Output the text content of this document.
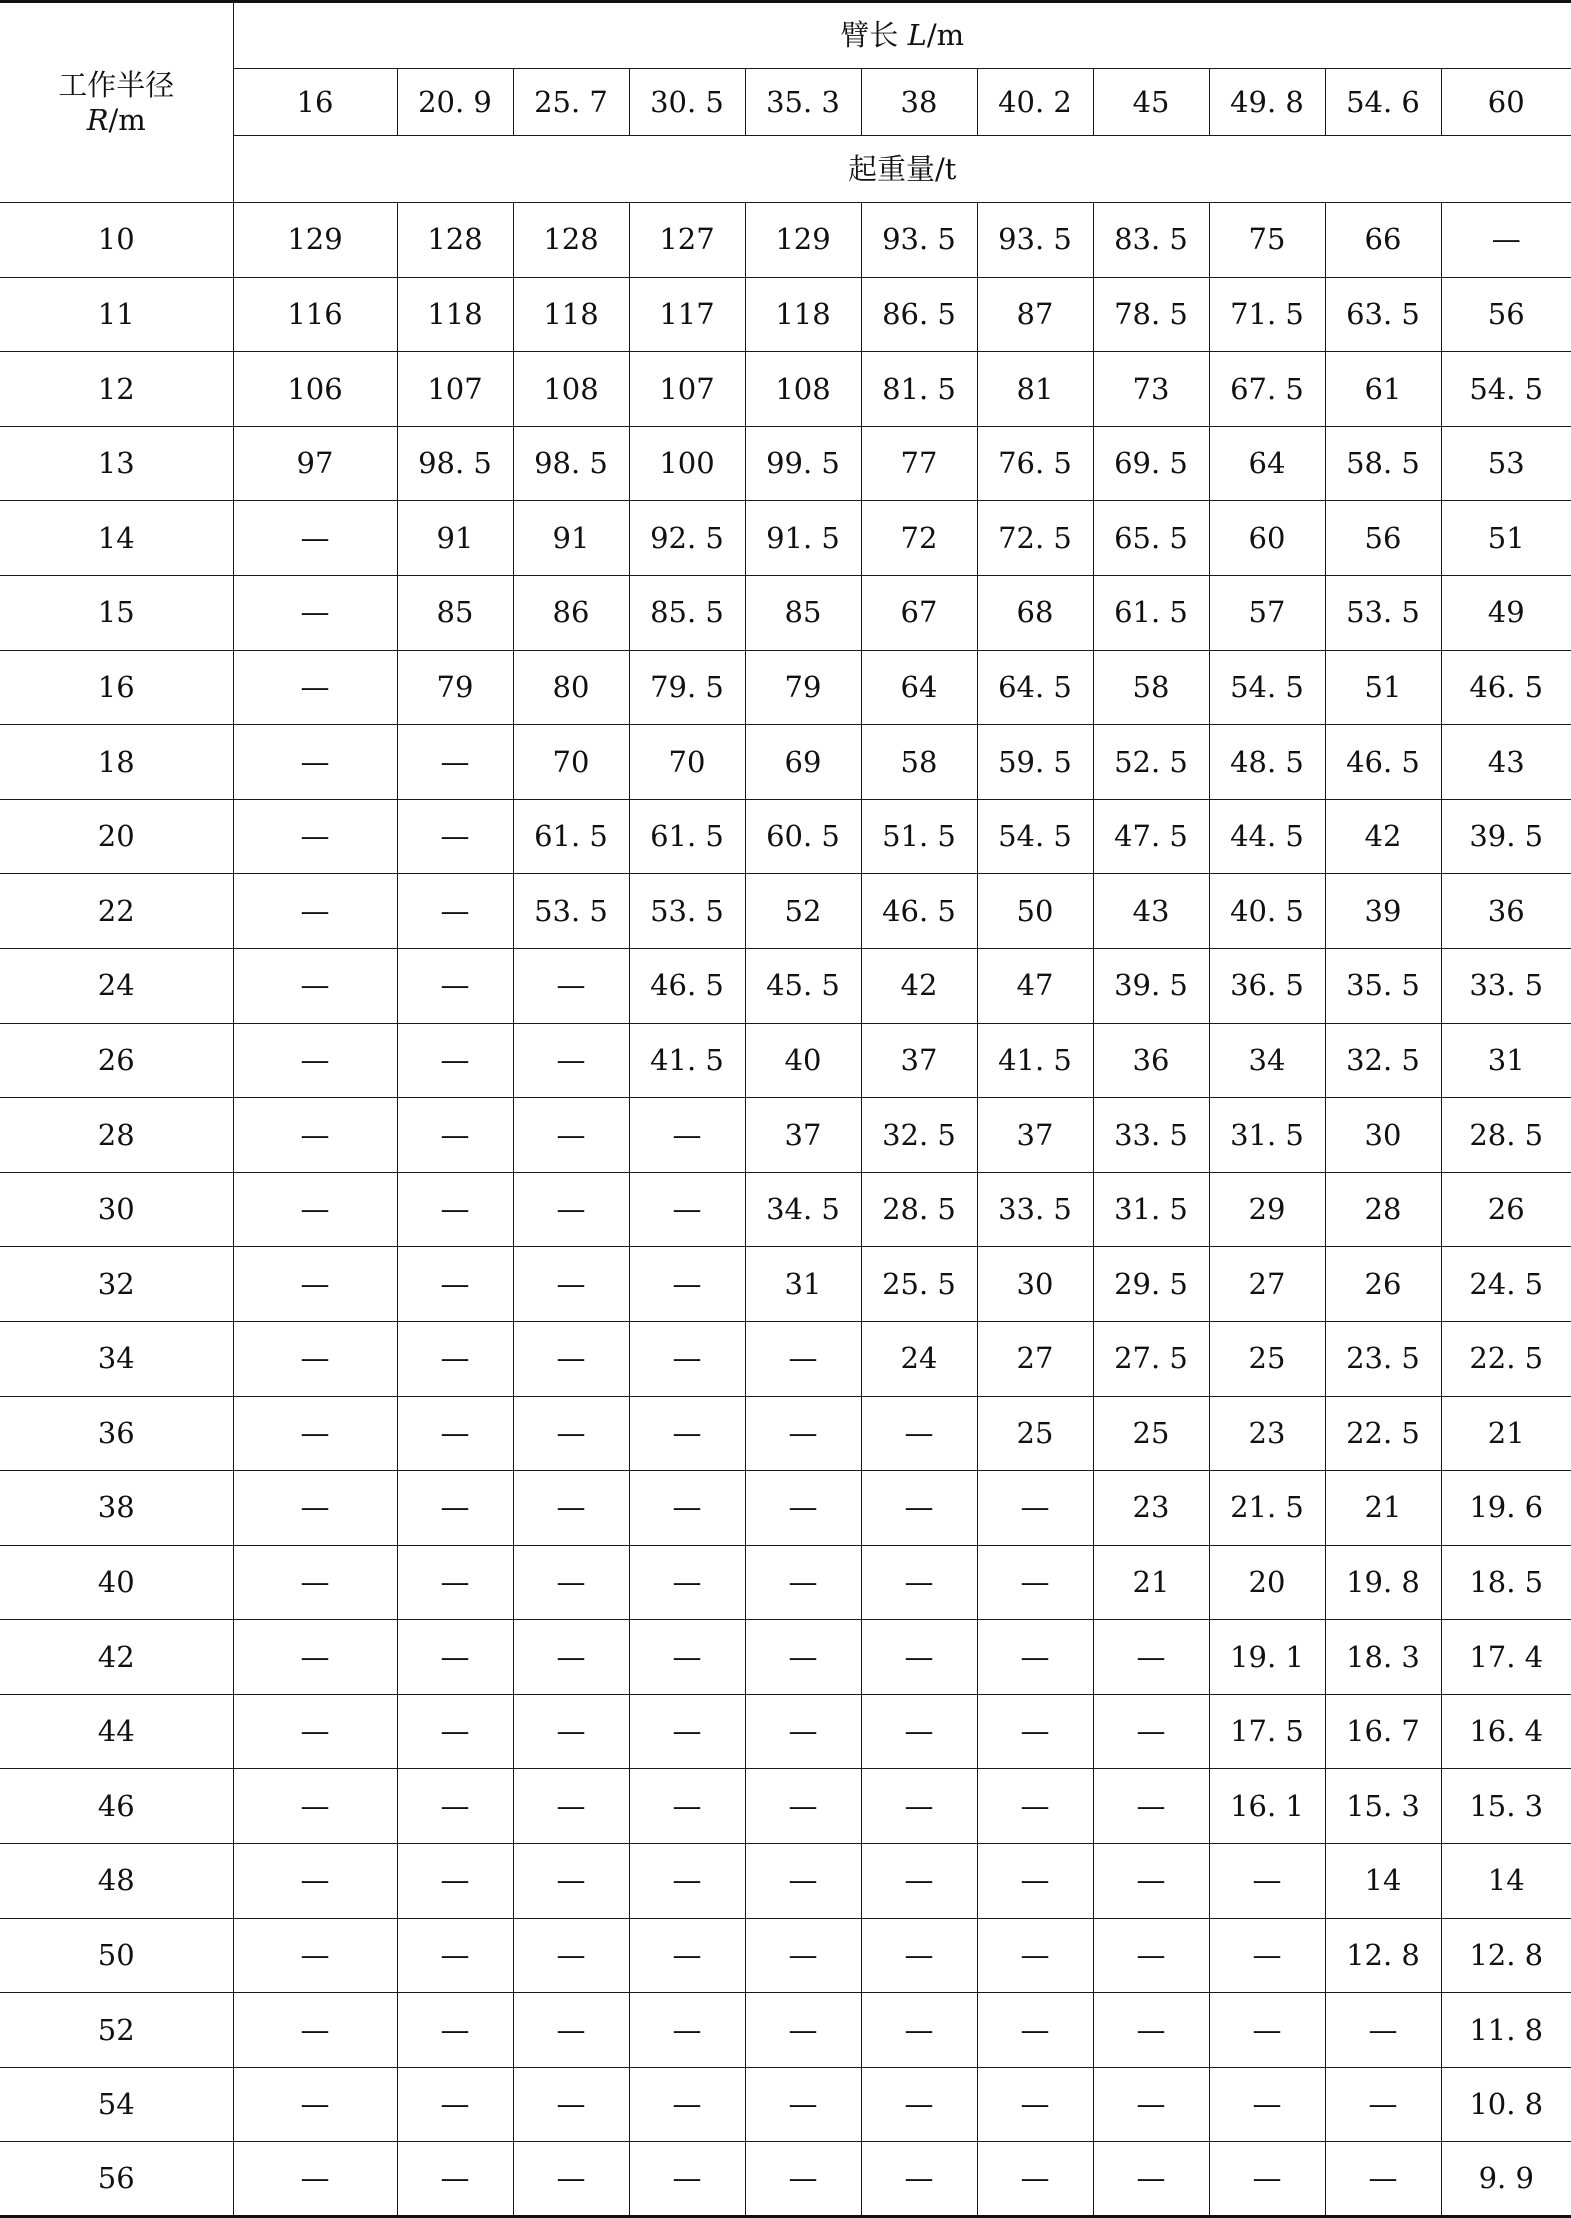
工作半径
R/m	臂长 L/m										
	16	20. 9	25. 7	30. 5	35. 3	38	40. 2	45	49. 8	54. 6	60
	起重量/t										
10	129	128	128	127	129	93. 5	93. 5	83. 5	75	66	—
11	116	118	118	117	118	86. 5	87	78. 5	71. 5	63. 5	56
12	106	107	108	107	108	81. 5	81	73	67. 5	61	54. 5
13	97	98. 5	98. 5	100	99. 5	77	76. 5	69. 5	64	58. 5	53
14	—	91	91	92. 5	91. 5	72	72. 5	65. 5	60	56	51
15	—	85	86	85. 5	85	67	68	61. 5	57	53. 5	49
16	—	79	80	79. 5	79	64	64. 5	58	54. 5	51	46. 5
18	—	—	70	70	69	58	59. 5	52. 5	48. 5	46. 5	43
20	—	—	61. 5	61. 5	60. 5	51. 5	54. 5	47. 5	44. 5	42	39. 5
22	—	—	53. 5	53. 5	52	46. 5	50	43	40. 5	39	36
24	—	—	—	46. 5	45. 5	42	47	39. 5	36. 5	35. 5	33. 5
26	—	—	—	41. 5	40	37	41. 5	36	34	32. 5	31
28	—	—	—	—	37	32. 5	37	33. 5	31. 5	30	28. 5
30	—	—	—	—	34. 5	28. 5	33. 5	31. 5	29	28	26
32	—	—	—	—	31	25. 5	30	29. 5	27	26	24. 5
34	—	—	—	—	—	24	27	27. 5	25	23. 5	22. 5
36	—	—	—	—	—	—	25	25	23	22. 5	21
38	—	—	—	—	—	—	—	23	21. 5	21	19. 6
40	—	—	—	—	—	—	—	21	20	19. 8	18. 5
42	—	—	—	—	—	—	—	—	19. 1	18. 3	17. 4
44	—	—	—	—	—	—	—	—	17. 5	16. 7	16. 4
46	—	—	—	—	—	—	—	—	16. 1	15. 3	15. 3
48	—	—	—	—	—	—	—	—	—	14	14
50	—	—	—	—	—	—	—	—	—	12. 8	12. 8
52	—	—	—	—	—	—	—	—	—	—	11. 8
54	—	—	—	—	—	—	—	—	—	—	10. 8
56	—	—	—	—	—	—	—	—	—	—	9. 9
